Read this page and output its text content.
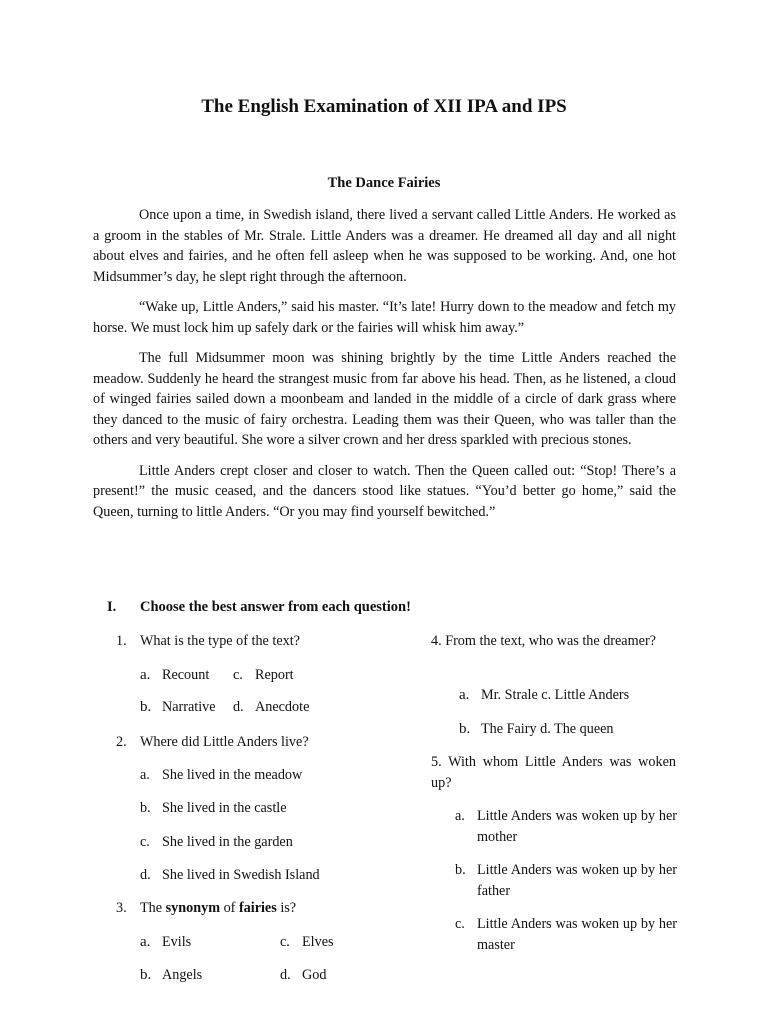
The English Examination of XII IPA and IPS
The Dance Fairies

Once upon a time, in Swedish island, there lived a servant called Little Anders. He worked as a groom in the stables of Mr. Strale. Little Anders was a dreamer. He dreamed all day and all night about elves and fairies, and he often fell asleep when he was supposed to be working. And, one hot Midsummer’s day, he slept right through the afternoon.

“Wake up, Little Anders,” said his master. “It’s late! Hurry down to the meadow and fetch my horse. We must lock him up safely dark or the fairies will whisk him away.”

The full Midsummer moon was shining brightly by the time Little Anders reached the meadow. Suddenly he heard the strangest music from far above his head. Then, as he listened, a cloud of winged fairies sailed down a moonbeam and landed in the middle of a circle of dark grass where they danced to the music of fairy orchestra. Leading them was their Queen, who was taller than the others and very beautiful. She wore a silver crown and her dress sparkled with precious stones.

Little Anders crept closer and closer to watch. Then the Queen called out: “Stop! There’s a present!” the music ceased, and the dancers stood like statues. “You’d better go home,” said the Queen, turning to little Anders. “Or you may find yourself bewitched.”

I. Choose the best answer from each question!
1. What is the type of the text?
a. Recount c. Report
b. Narrative d. Anecdote
2. Where did Little Anders live?
a. She lived in the meadow
b. She lived in the castle
c. She lived in the garden
d. She lived in Swedish Island
3. The synonym of fairies is?
a. Evils	c. Elves
b. Angels	d. God
4. From the text, who was the dreamer?
a. Mr. Strale c. Little Anders
b. The Fairy d. The queen
5. With whom Little Anders was woken up?
a. Little Anders was woken up by her mother
b. Little Anders was woken up by her father
c. Little Anders was woken up by her master
